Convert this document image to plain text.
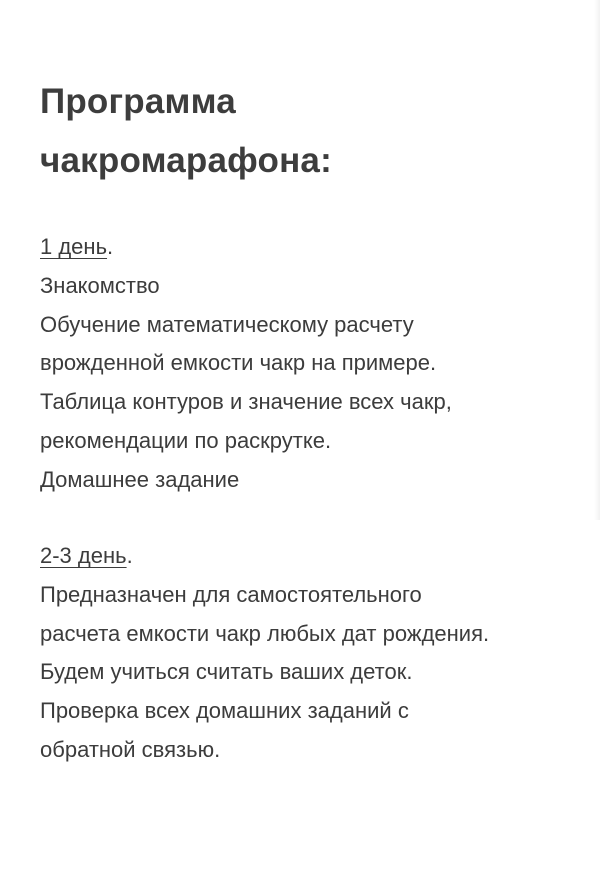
Программа
чакромарафона:
1 день.
Знакомство
Обучение математическому расчету
врожденной емкости чакр на примере.
Таблица контуров и значение всех чакр,
рекомендации по раскрутке.
Домашнее задание
2-3 день.
Предназначен для самостоятельного
расчета емкости чакр любых дат рождения.
Будем учиться считать ваших деток.
Проверка всех домашних заданий с
обратной связью.
